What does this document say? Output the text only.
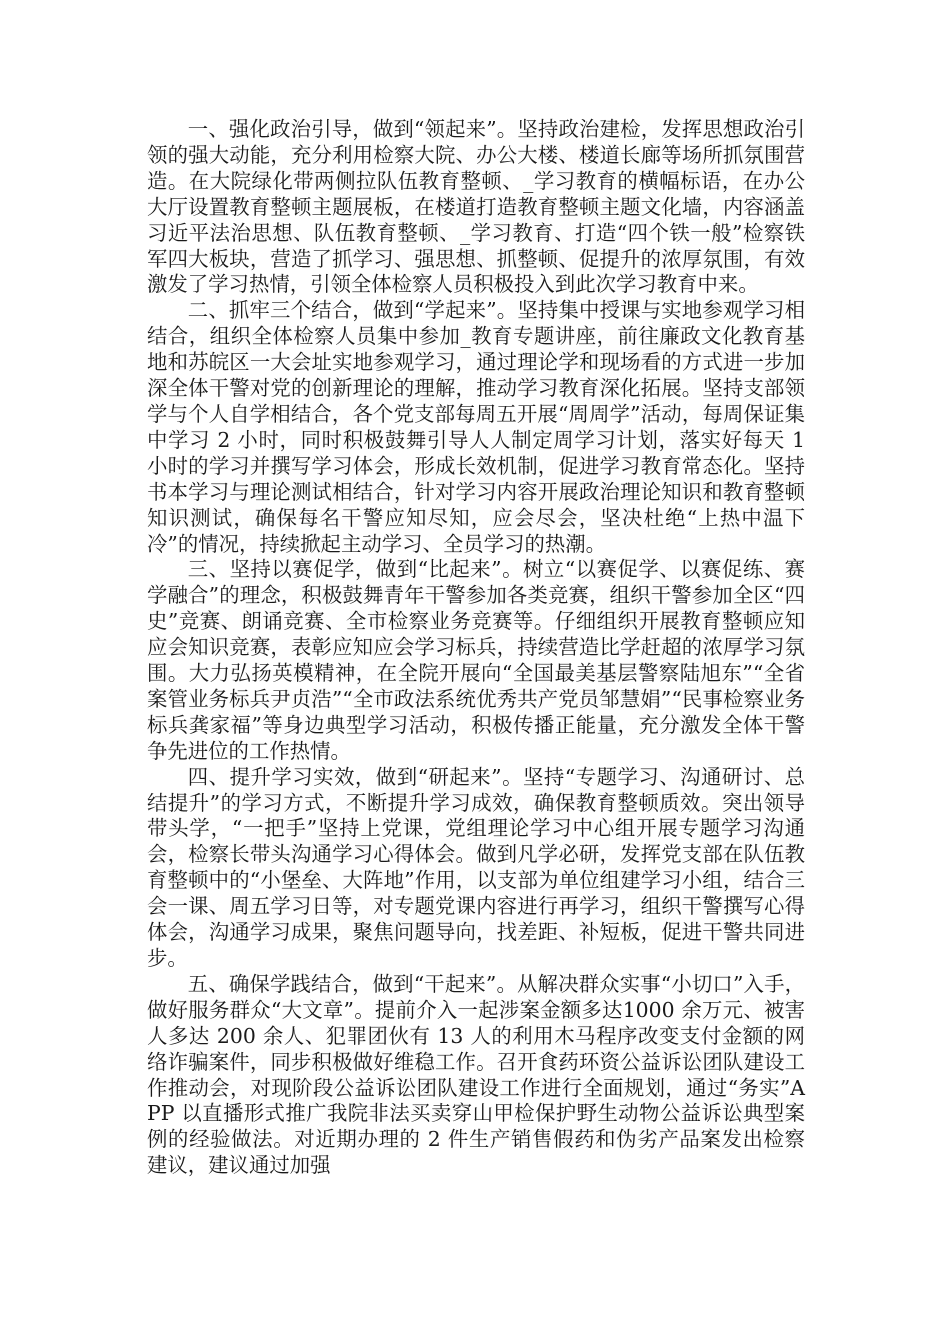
一、强化政治引导，做到“领起来”。坚持政治建检，发挥思想政治引领的强大动能，充分利用检察大院、办公大楼、楼道长廊等场所抓氛围营造。在大院绿化带两侧拉队伍教育整顿、_学习教育的横幅标语，在办公大厅设置教育整顿主题展板，在楼道打造教育整顿主题文化墙，内容涵盖习近平法治思想、队伍教育整顿、_学习教育、打造“四个铁一般”检察铁军四大板块，营造了抓学习、强思想、抓整顿、促提升的浓厚氛围，有效激发了学习热情，引领全体检察人员积极投入到此次学习教育中来。

二、抓牢三个结合，做到“学起来”。坚持集中授课与实地参观学习相结合，组织全体检察人员集中参加_教育专题讲座，前往廉政文化教育基地和苏皖区一大会址实地参观学习，通过理论学和现场看的方式进一步加深全体干警对党的创新理论的理解，推动学习教育深化拓展。坚持支部领学与个人自学相结合，各个党支部每周五开展“周周学”活动，每周保证集中学习 2 小时，同时积极鼓舞引导人人制定周学习计划，落实好每天 1 小时的学习并撰写学习体会，形成长效机制，促进学习教育常态化。坚持书本学习与理论测试相结合，针对学习内容开展政治理论知识和教育整顿知识测试，确保每名干警应知尽知，应会尽会，坚决杜绝“上热中温下冷”的情况，持续掀起主动学习、全员学习的热潮。

三、坚持以赛促学，做到“比起来”。树立“以赛促学、以赛促练、赛学融合”的理念，积极鼓舞青年干警参加各类竞赛，组织干警参加全区“四史”竞赛、朗诵竞赛、全市检察业务竞赛等。仔细组织开展教育整顿应知应会知识竞赛，表彰应知应会学习标兵，持续营造比学赶超的浓厚学习氛围。大力弘扬英模精神，在全院开展向“全国最美基层警察陆旭东”“全省案管业务标兵尹贞浩”“全市政法系统优秀共产党员邹慧娟”“民事检察业务标兵龚家福”等身边典型学习活动，积极传播正能量，充分激发全体干警争先进位的工作热情。

四、提升学习实效，做到“研起来”。坚持“专题学习、沟通研讨、总结提升”的学习方式，不断提升学习成效，确保教育整顿质效。突出领导带头学，“一把手”坚持上党课，党组理论学习中心组开展专题学习沟通会，检察长带头沟通学习心得体会。做到凡学必研，发挥党支部在队伍教育整顿中的“小堡垒、大阵地”作用，以支部为单位组建学习小组，结合三会一课、周五学习日等，对专题党课内容进行再学习，组织干警撰写心得体会，沟通学习成果，聚焦问题导向，找差距、补短板，促进干警共同进步。

五、确保学践结合，做到“干起来”。从解决群众实事“小切口”入手，做好服务群众“大文章”。提前介入一起涉案金额多达1000 余万元、被害人多达 200 余人、犯罪团伙有 13 人的利用木马程序改变支付金额的网络诈骗案件，同步积极做好维稳工作。召开食药环资公益诉讼团队建设工作推动会，对现阶段公益诉讼团队建设工作进行全面规划，通过“务实”APP 以直播形式推广我院非法买卖穿山甲检保护野生动物公益诉讼典型案例的经验做法。对近期办理的 2 件生产销售假药和伪劣产品案发出检察建议，建议通过加强
